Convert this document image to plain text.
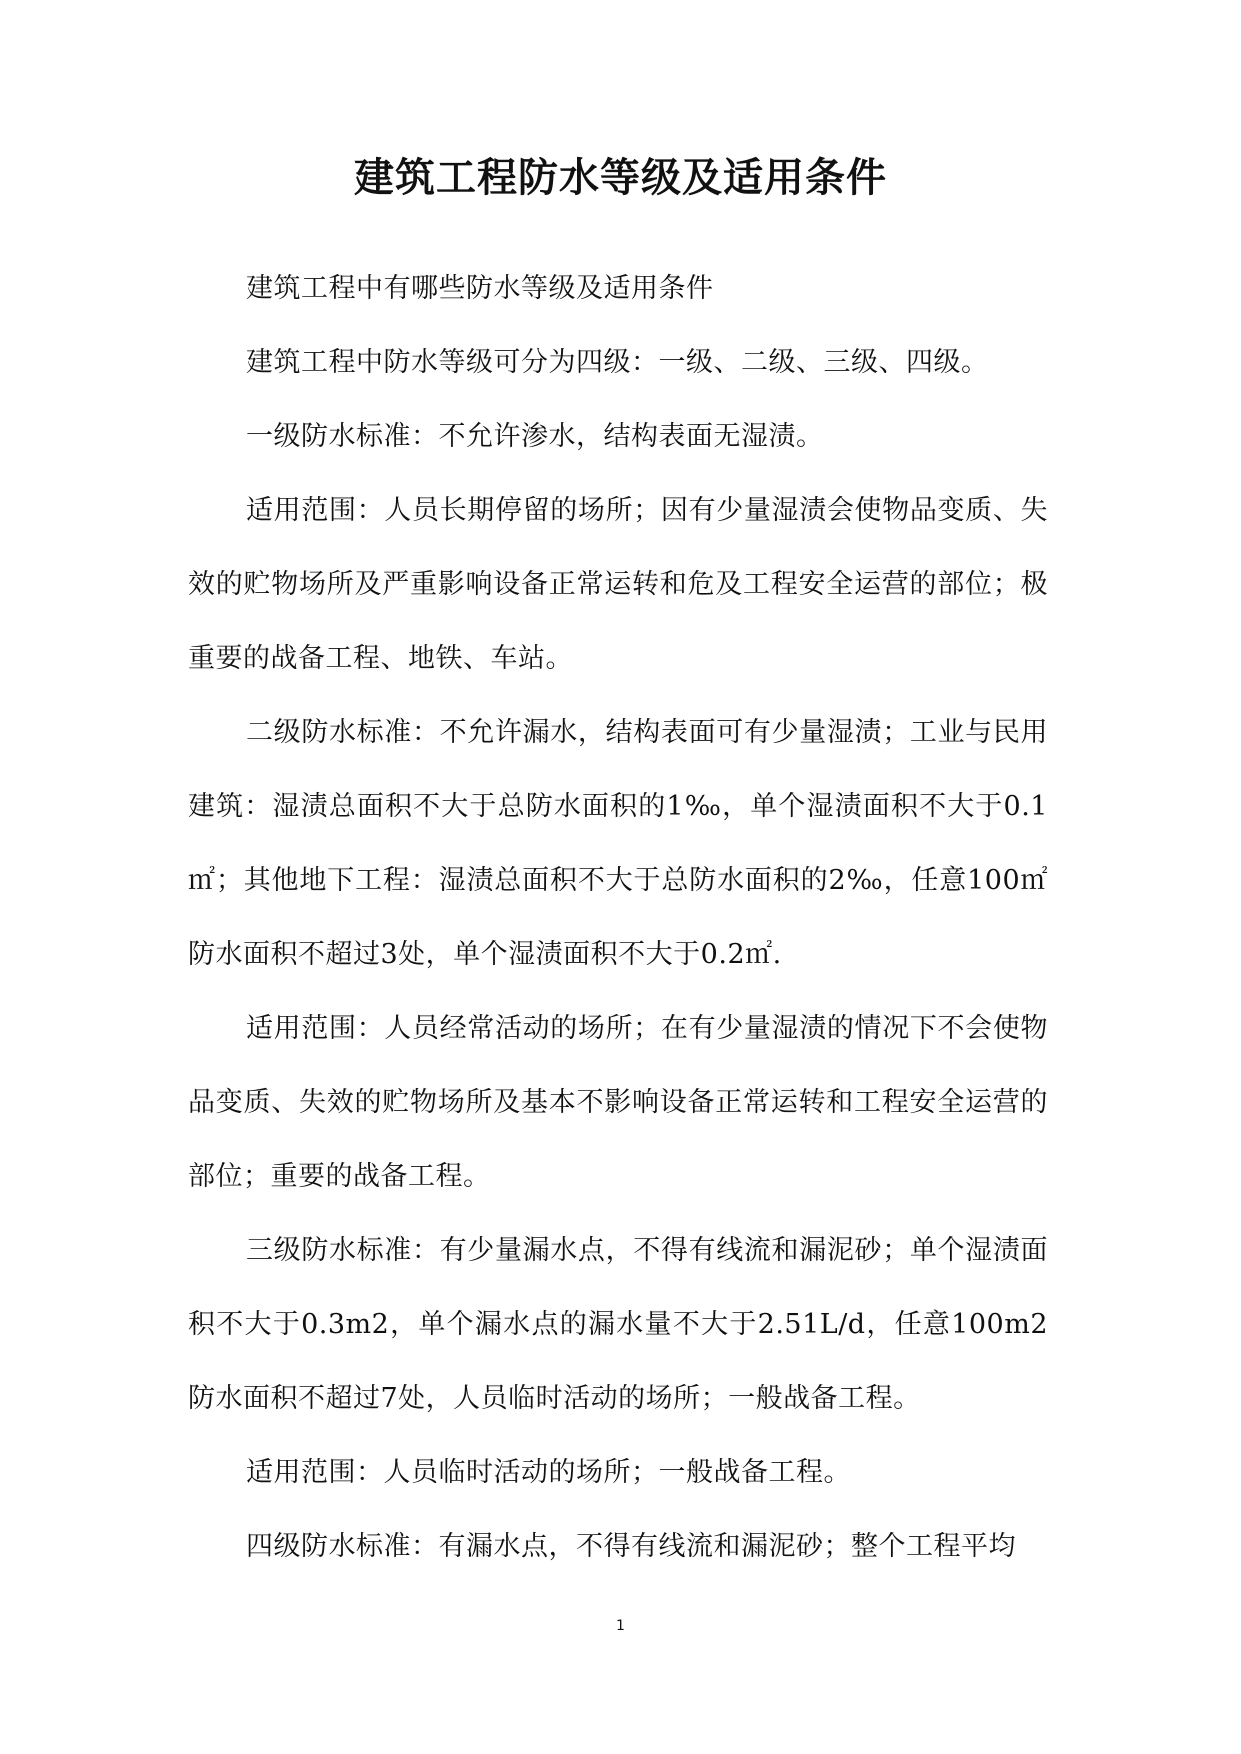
建筑工程防水等级及适用条件

建筑工程中有哪些防水等级及适用条件

建筑工程中防水等级可分为四级：一级、二级、三级、四级。

一级防水标准：不允许渗水，结构表面无湿渍。

适用范围：人员长期停留的场所；因有少量湿渍会使物品变质、失效的贮物场所及严重影响设备正常运转和危及工程安全运营的部位；极重要的战备工程、地铁、车站。

二级防水标准：不允许漏水，结构表面可有少量湿渍；工业与民用建筑：湿渍总面积不大于总防水面积的1‰，单个湿渍面积不大于0.1㎡；其他地下工程：湿渍总面积不大于总防水面积的2‰，任意100㎡防水面积不超过3处，单个湿渍面积不大于0.2㎡.

适用范围：人员经常活动的场所；在有少量湿渍的情况下不会使物品变质、失效的贮物场所及基本不影响设备正常运转和工程安全运营的部位；重要的战备工程。

三级防水标准：有少量漏水点，不得有线流和漏泥砂；单个湿渍面积不大于0.3m2，单个漏水点的漏水量不大于2.51L/d，任意100m2防水面积不超过7处，人员临时活动的场所；一般战备工程。

适用范围：人员临时活动的场所；一般战备工程。

四级防水标准：有漏水点，不得有线流和漏泥砂；整个工程平均

1
